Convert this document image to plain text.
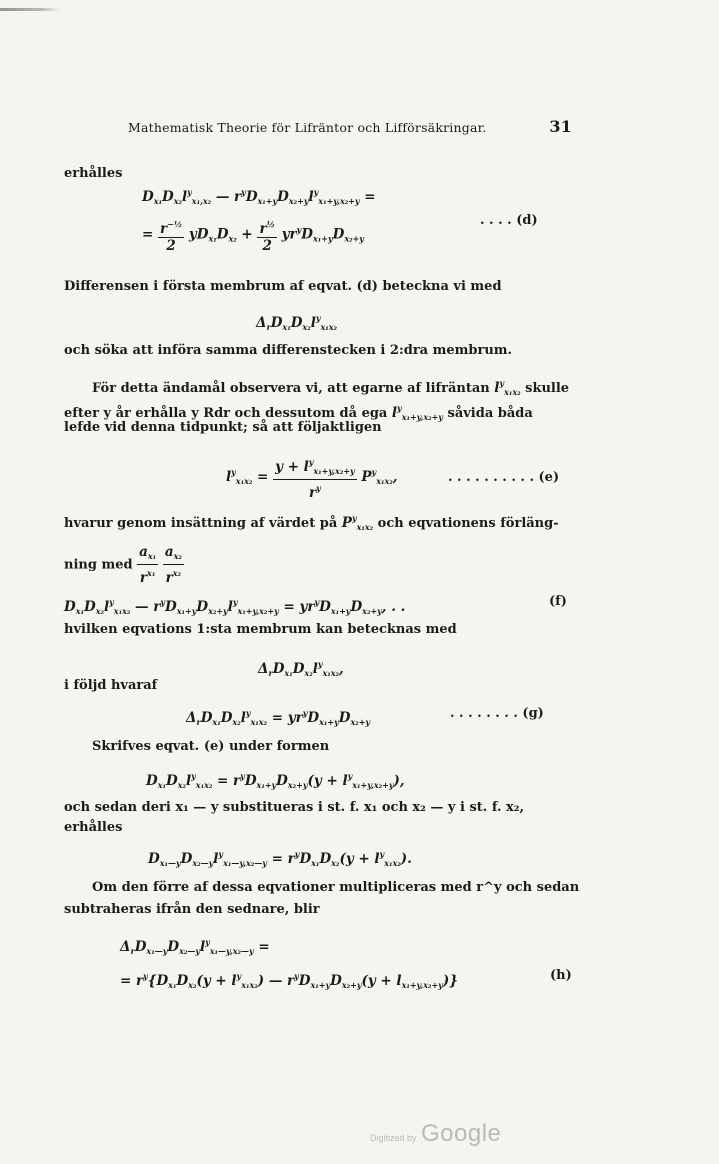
Mathematisk Theorie för Lifräntor och Lifförsäkringar.	31
erhålles
$D_{x_1}D_{x_2}l^y_{x_1,x_2}$ — $r^yD_{x_1+y}D_{x_2+y}l^y_{x_1+y,x_2+y}$ =
= $\frac{r^{-\frac{1}{2}}}{2} yD_{x_1}D_{x_2} + \frac{r^{\frac{1}{2}}}{2} yr^yD_{x_1+y}D_{x_2+y}$
. . . . (d)
Differensen i första membrum af eqvat. (d) beteckna vi med
$\Delta_rD_{x_1}D_{x_2}l^y_{x_1x_2}$
och söka att införa samma differenstecken i 2:dra membrum.
För detta ändamål observera vi, att egarne af lifräntan $l^y_{x_1x_2}$ skulle
efter y år erhålla y Rdr och dessutom då ega $l^y_{x_1+y,x_2+y}$ såvida båda
lefde vid denna tidpunkt; så att följaktligen
$l^y_{x_1x_2} = \frac{y + l^y_{x_1+y,x_2+y}}{r^y} P^y_{x_1x_2}$,	. . . . . . . . . . (e)
hvarur genom insättning af värdet på $P^y_{x_1x_2}$ och eqvationens förläng-
ning med $\frac{a_{x_1}}{r^{x_1}}$
$\frac{a_{x_2}}{r^{x_2}}$
$D_{x_1}D_{x_2}l^y_{x_1x_2}$ — $r^yD_{x_1+y}D_{x_2+y}l^y_{x_1+y,x_2+y} = yr^yD_{x_1+y}D_{x_2+y}$, . .	(f)
hvilken eqvations 1:sta membrum kan betecknas med
$\Delta_rD_{x_1}D_{x_2}l^y_{x_1x_2}$,
i följd hvaraf
$\Delta_rD_{x_1}D_{x_2}l^y_{x_1x_2} = yr^yD_{x_1+y}D_{x_2+y}$
. . . . . . . . (g)
Skrifves eqvat. (e) under formen
$D_{x_1}D_{x_2}l^y_{x_1x_2} = r^yD_{x_1+y}D_{x_2+y}(y + l^y_{x_1+y,x_2+y})$,
och sedan deri x₁ — y substitueras i st. f. x₁ och x₂ — y i st. f. x₂,
erhålles
$D_{x_1—y}D_{x_2—y}l^y_{x_1—y,x_2—y} = r^yD_{x_1}D_{x_2}(y + l^y_{x_1x_2})$.
Om den förre af dessa eqvationer multipliceras med r^y och sedan
subtraheras ifrån den sednare, blir
$\Delta_rD_{x_1—y}D_{x_2—y}l^y_{x_1—y,x_2—y}$ =
= $r^y\{D_{x_1}D_{x_2}(y + l^y_{x_1x_2})$ — $r^yD_{x_1+y}D_{x_2+y}(y + l_{x_1+y,x_2+y})$}	(h)
Digitized by Google
